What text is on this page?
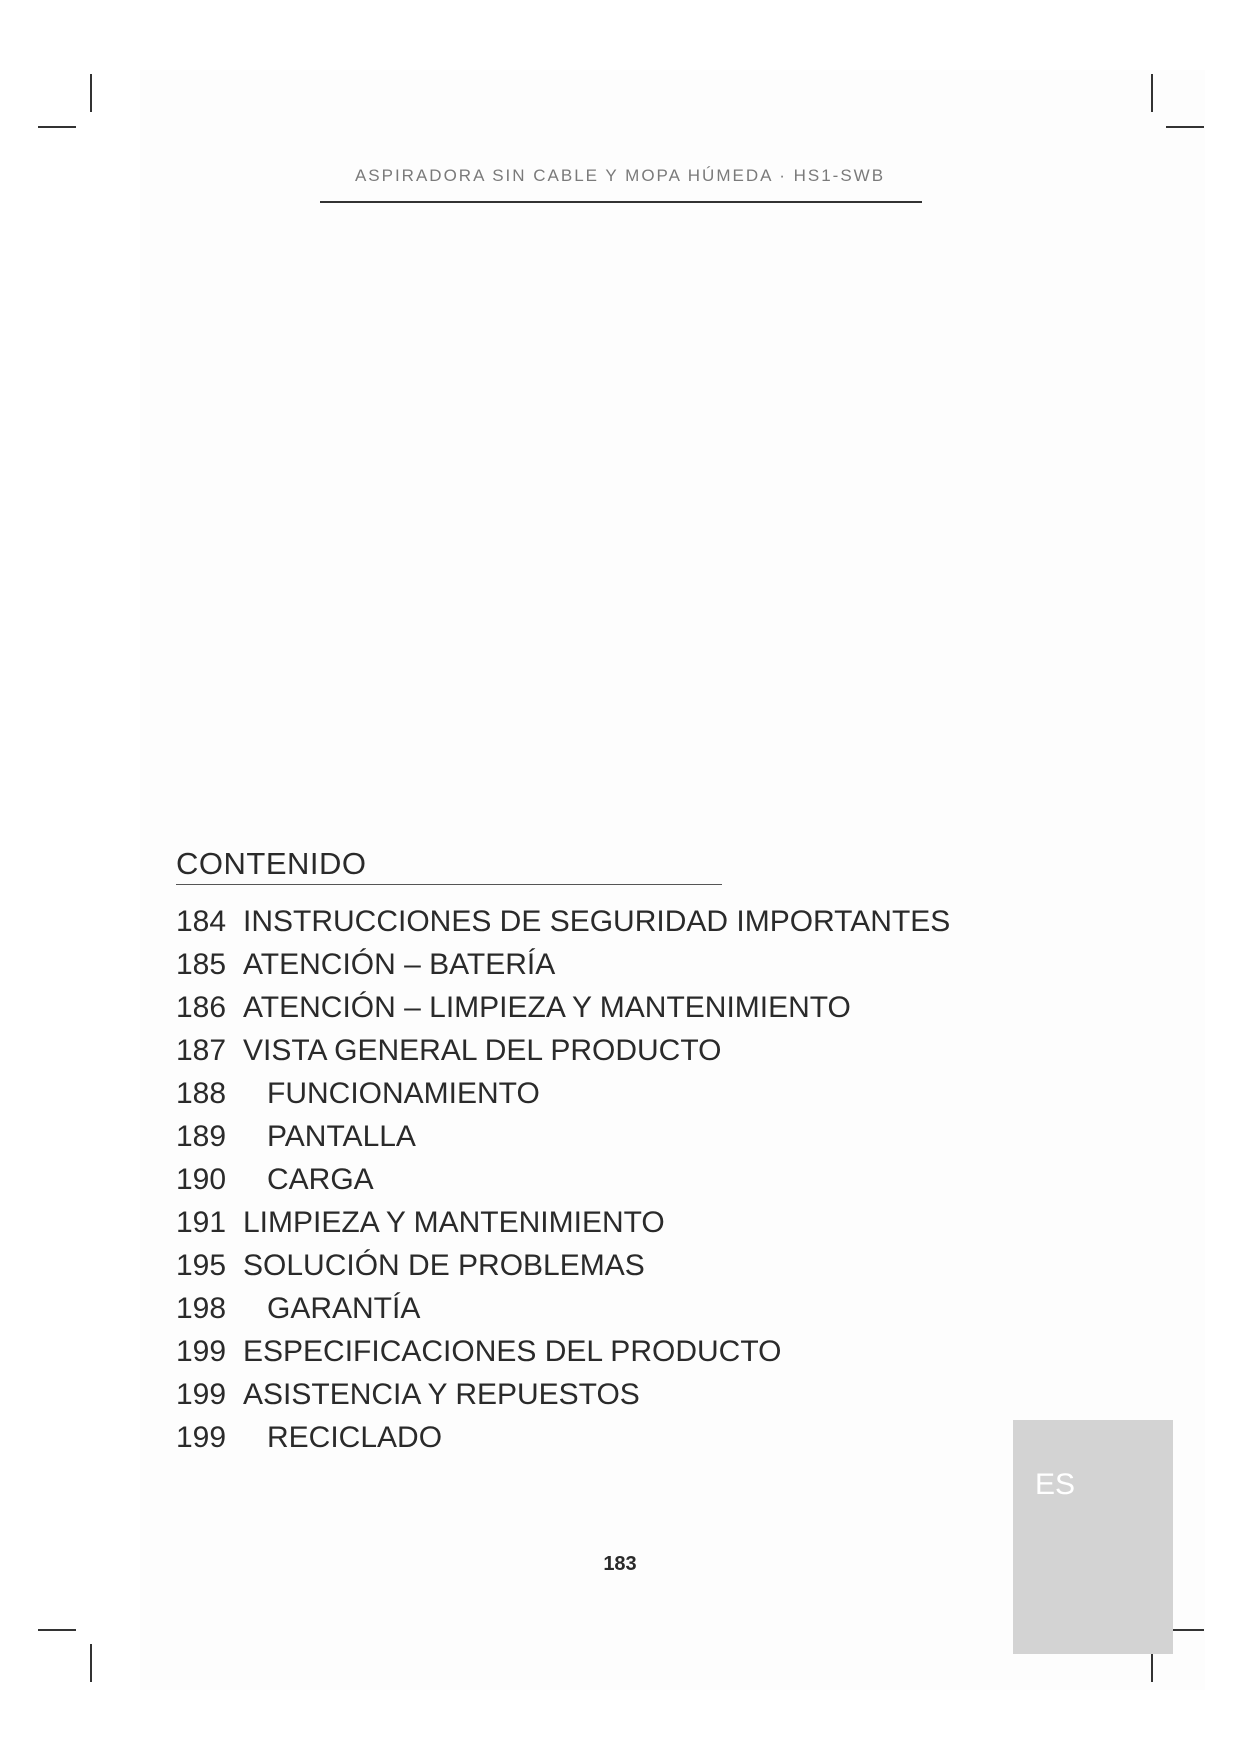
ASPIRADORA SIN CABLE Y MOPA HÚMEDA · HS1-SWB
CONTENIDO
184 INSTRUCCIONES DE SEGURIDAD IMPORTANTES
185 ATENCIÓN – BATERÍA
186 ATENCIÓN – LIMPIEZA Y MANTENIMIENTO
187 VISTA GENERAL DEL PRODUCTO
188	FUNCIONAMIENTO
189	PANTALLA
190	CARGA
191 LIMPIEZA Y MANTENIMIENTO
195 SOLUCIÓN DE PROBLEMAS
198	GARANTÍA
199 ESPECIFICACIONES DEL PRODUCTO
199 ASISTENCIA Y REPUESTOS
199	RECICLADO
183
ES
